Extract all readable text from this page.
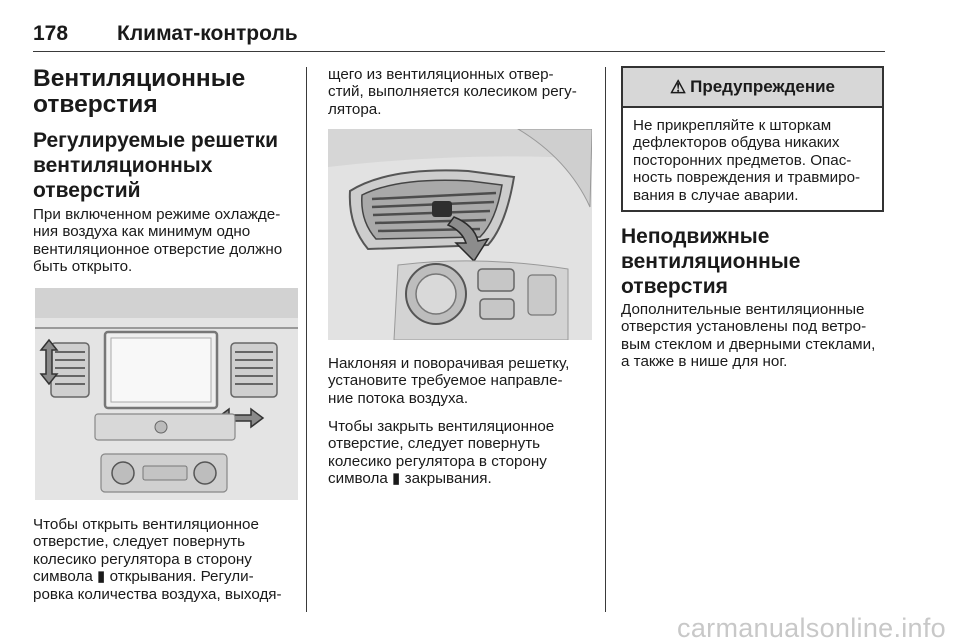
178 Климат-контроль
Вентиляционные
отверстия
Регулируемые решетки
вентиляционных
отверстий
При включенном режиме охлажде-
ния воздуха как минимум одно
вентиляционное отверстие должно
быть открыто.
Чтобы открыть вентиляционное
отверстие, следует повернуть
колесико регулятора в сторону
символа ▮ открывания. Регули-
ровка количества воздуха, выходя-
щего из вентиляционных отвер-
стий, выполняется колесиком регу-
лятора.
Наклоняя и поворачивая решетку,
установите требуемое направле-
ние потока воздуха.
Чтобы закрыть вентиляционное
отверстие, следует повернуть
колесико регулятора в сторону
символа ▮ закрывания.
⚠ Предупреждение
Не прикрепляйте к шторкам
дефлекторов обдува никаких
посторонних предметов. Опас-
ность повреждения и травмиро-
вания в случае аварии.
Неподвижные
вентиляционные
отверстия
Дополнительные вентиляционные
отверстия установлены под ветро-
вым стеклом и дверными стеклами,
а также в нише для ног.
carmanualsonline.info
